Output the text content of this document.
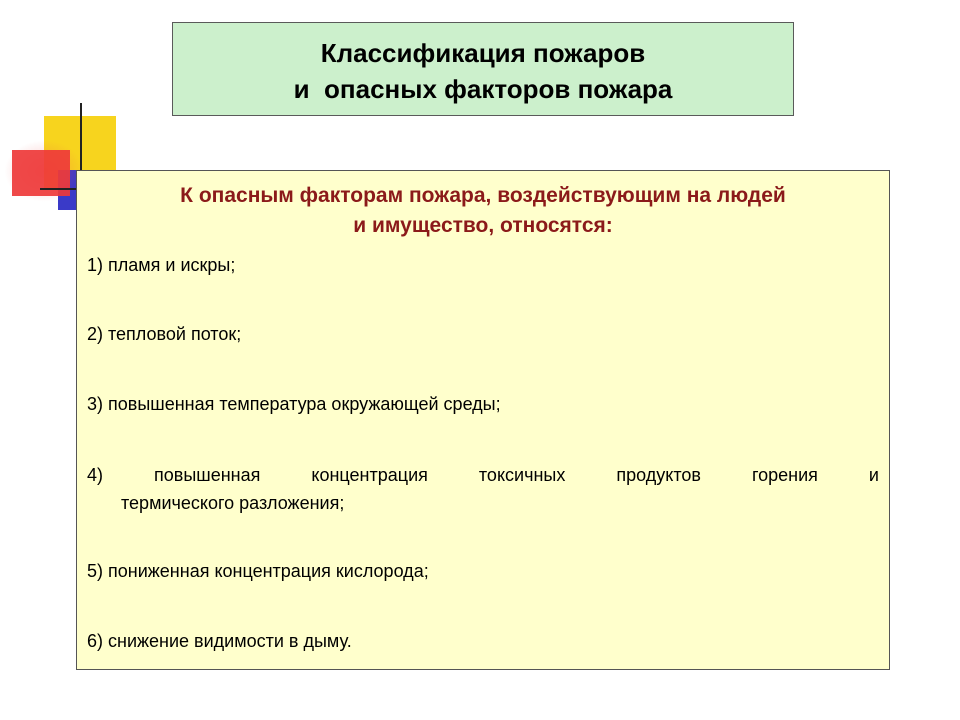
Классификация пожаров
и  опасных факторов пожара
К опасным факторам пожара, воздействующим на людей
и имущество, относятся:
1) пламя и искры;
2) тепловой поток;
3) повышенная температура окружающей среды;
4)	повышенная	концентрация	токсичных	продуктов	горения	и
термического разложения;
5) пониженная концентрация кислорода;
6) снижение видимости в дыму.
